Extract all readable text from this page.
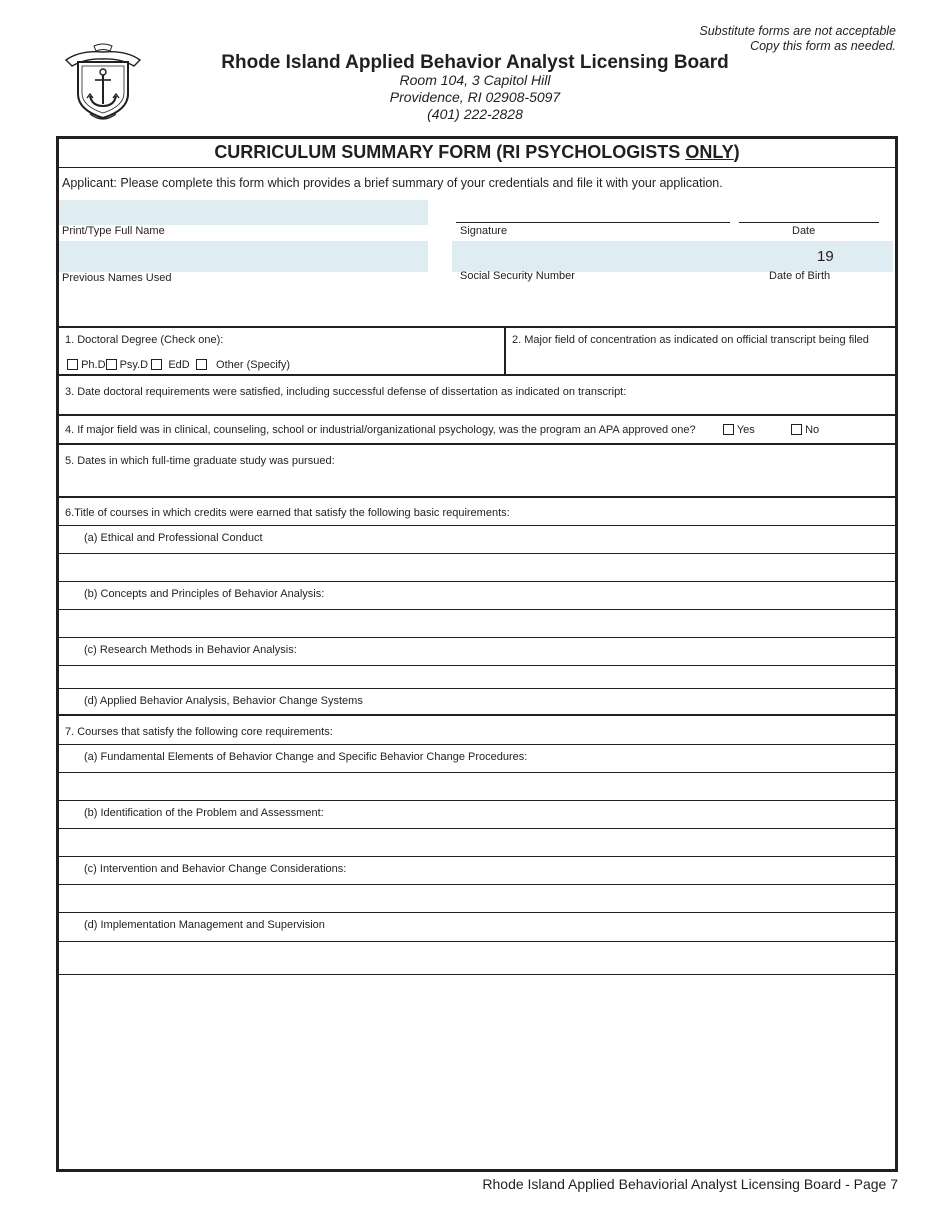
Substitute forms are not acceptable
Copy this form as needed.
Rhode Island Applied Behavior Analyst Licensing Board
Room 104, 3 Capitol Hill
Providence, RI 02908-5097
(401) 222-2828
CURRICULUM SUMMARY FORM (RI PSYCHOLOGISTS ONLY)
Applicant: Please complete this form which provides a brief summary of your credentials and file it with your application.
Print/Type Full Name	Signature	Date
19
Previous Names Used	Social Security Number	Date of Birth
1. Doctoral Degree (Check one):
Ph.D Psy.D EdD Other (Specify)
2. Major field of concentration as indicated on official transcript being filed
3. Date doctoral requirements were satisfied, including successful defense of dissertation as indicated on transcript:
4. If major field was in clinical, counseling, school or industrial/organizational psychology, was the program an APA approved one?	Yes	No
5. Dates in which full-time graduate study was pursued:
6.Title of courses in which credits were earned that satisfy the following basic requirements:
(a) Ethical and Professional Conduct
(b) Concepts and Principles of Behavior Analysis:
(c) Research Methods in Behavior Analysis:
(d) Applied Behavior Analysis, Behavior Change Systems
7. Courses that satisfy the following core requirements:
(a) Fundamental Elements of Behavior Change and Specific Behavior Change Procedures:
(b) Identification of the Problem and Assessment:
(c) Intervention and Behavior Change Considerations:
(d) Implementation Management and Supervision
Rhode Island Applied Behaviorial Analyst Licensing Board - Page 7
